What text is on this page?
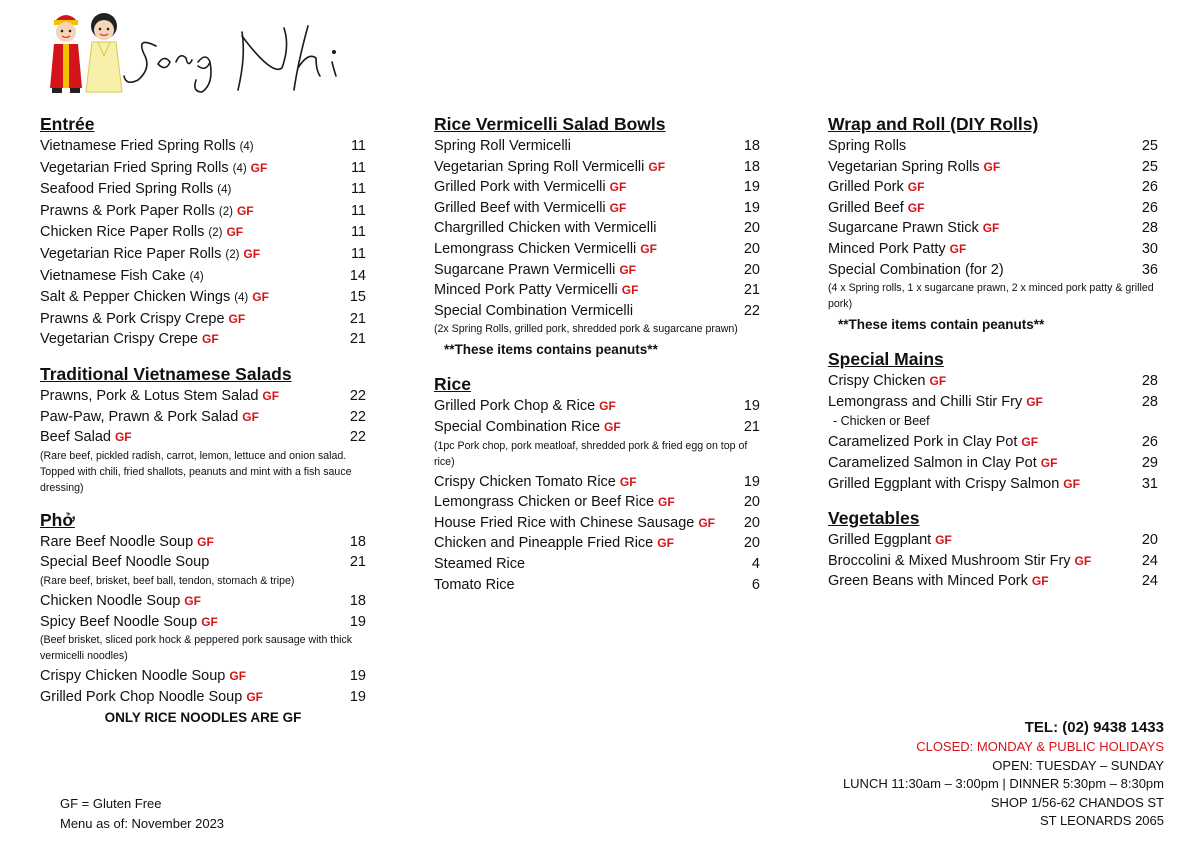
Entrée
Vietnamese Fried Spring Rolls (4)	11
Vegetarian Fried Spring Rolls (4) GF	11
Seafood Fried Spring Rolls (4)	11
Prawns & Pork Paper Rolls (2) GF	11
Chicken Rice Paper Rolls (2) GF	11
Vegetarian Rice Paper Rolls (2) GF	11
Vietnamese Fish Cake (4)	14
Salt & Pepper Chicken Wings (4) GF	15
Prawns & Pork Crispy Crepe GF	21
Vegetarian Crispy Crepe GF	21
Traditional Vietnamese Salads
Prawns, Pork & Lotus Stem Salad GF	22
Paw-Paw, Prawn & Pork Salad GF	22
Beef Salad GF	22
(Rare beef, pickled radish, carrot, lemon, lettuce and onion salad. Topped with chili, fried shallots, peanuts and mint with a fish sauce dressing)
Phở
Rare Beef Noodle Soup GF	18
Special Beef Noodle Soup	21
(Rare beef, brisket, beef ball, tendon, stomach & tripe)
Chicken Noodle Soup GF	18
Spicy Beef Noodle Soup GF	19
(Beef brisket, sliced pork hock & peppered pork sausage with thick vermicelli noodles)
Crispy Chicken Noodle Soup GF	19
Grilled Pork Chop Noodle Soup GF	19
ONLY RICE NOODLES ARE GF
Rice Vermicelli Salad Bowls
Spring Roll Vermicelli	18
Vegetarian Spring Roll Vermicelli GF	18
Grilled Pork with Vermicelli GF	19
Grilled Beef with Vermicelli GF	19
Chargrilled Chicken with Vermicelli	20
Lemongrass Chicken Vermicelli GF	20
Sugarcane Prawn Vermicelli GF	20
Minced Pork Patty Vermicelli GF	21
Special Combination Vermicelli	22
(2x Spring Rolls, grilled pork, shredded pork & sugarcane prawn)
**These items contains peanuts**
Rice
Grilled Pork Chop & Rice GF	19
Special Combination Rice GF	21
(1pc Pork chop, pork meatloaf, shredded pork & fried egg on top of rice)
Crispy Chicken Tomato Rice GF	19
Lemongrass Chicken or Beef Rice GF	20
House Fried Rice with Chinese Sausage GF	20
Chicken and Pineapple Fried Rice GF	20
Steamed Rice	4
Tomato Rice	6
Wrap and Roll (DIY Rolls)
Spring Rolls	25
Vegetarian Spring Rolls GF	25
Grilled Pork GF	26
Grilled Beef GF	26
Sugarcane Prawn Stick GF	28
Minced Pork Patty GF	30
Special Combination (for 2)	36
(4 x Spring rolls, 1 x sugarcane prawn, 2 x minced pork patty & grilled pork)
**These items contain peanuts**
Special Mains
Crispy Chicken GF	28
Lemongrass and Chilli Stir Fry GF	28
- Chicken or Beef
Caramelized Pork in Clay Pot GF	26
Caramelized Salmon in Clay Pot GF	29
Grilled Eggplant with Crispy Salmon GF	31
Vegetables
Grilled Eggplant GF	20
Broccolini & Mixed Mushroom Stir Fry GF	24
Green Beans with Minced Pork GF	24
GF = Gluten Free
Menu as of: November 2023
TEL: (02) 9438 1433
CLOSED: MONDAY & PUBLIC HOLIDAYS
OPEN: TUESDAY – SUNDAY
LUNCH 11:30am – 3:00pm | DINNER 5:30pm – 8:30pm
SHOP 1/56-62 CHANDOS ST
ST LEONARDS 2065
